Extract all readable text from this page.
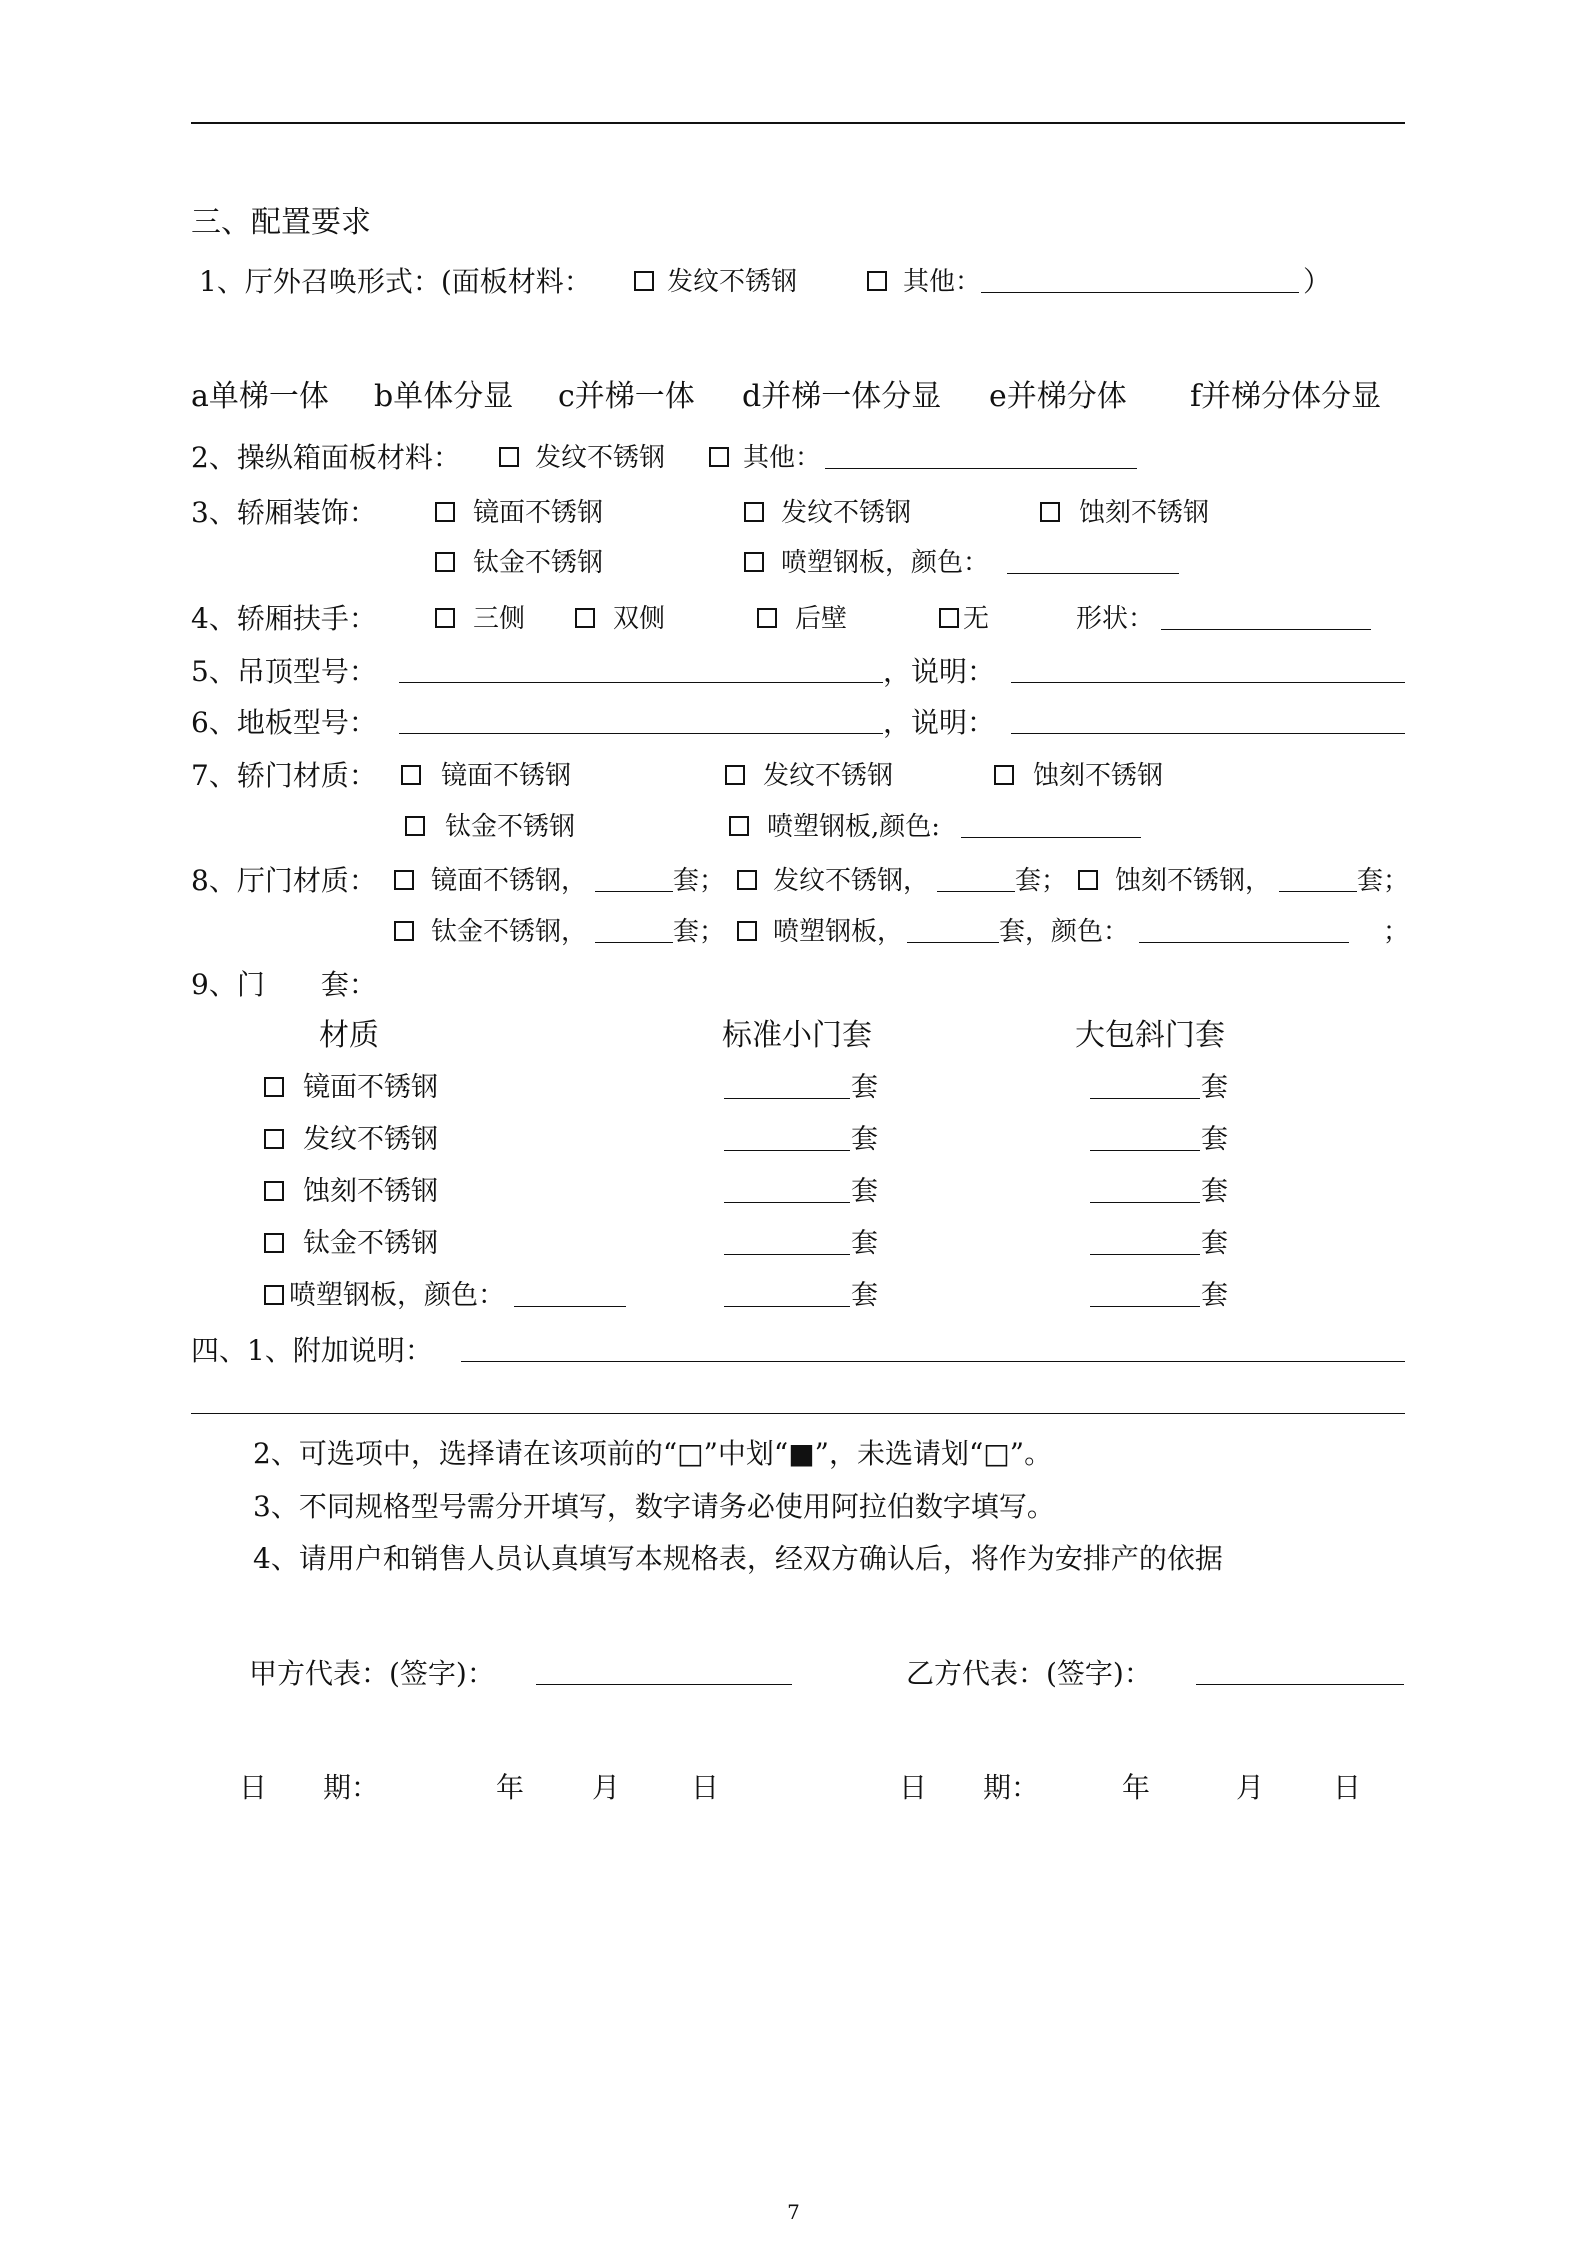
三、配置要求
1、厅外召唤形式：(面板材料：	发纹不锈钢	其他：	）
a单梯一体 b单体分显 c并梯一体 d并梯一体分显 e并梯分体 f并梯分体分显
2、操纵箱面板材料：	发纹不锈钢	其他：
3、轿厢装饰：	镜面不锈钢	发纹不锈钢	蚀刻不锈钢
钛金不锈钢	喷塑钢板，颜色：
4、轿厢扶手：	三侧	双侧	后壁	无	形状：
5、吊顶型号：	，说明：
6、地板型号：	，说明：
7、轿门材质： 镜面不锈钢	发纹不锈钢	蚀刻不锈钢
钛金不锈钢	喷塑钢板,颜色:
8、厅门材质： 镜面不锈钢，	套； 发纹不锈钢，	套； 蚀刻不锈钢，	套；
钛金不锈钢，	套； 喷塑钢板，	套，颜色：	；
9、门　　套：
材质	标准小门套	大包斜门套
镜面不锈钢	套	套
发纹不锈钢	套	套
蚀刻不锈钢	套	套
钛金不锈钢	套	套
喷塑钢板，颜色：	套	套
四、1、附加说明：
2、可选项中，选择请在该项前的“□”中划“■”，未选请划“□”。
3、不同规格型号需分开填写，数字请务必使用阿拉伯数字填写。
4、请用户和销售人员认真填写本规格表，经双方确认后，将作为安排产的依据
甲方代表：(签字)：	乙方代表：(签字)：
日　　期：	年 月	日	日　　期：	年	月 日
7
